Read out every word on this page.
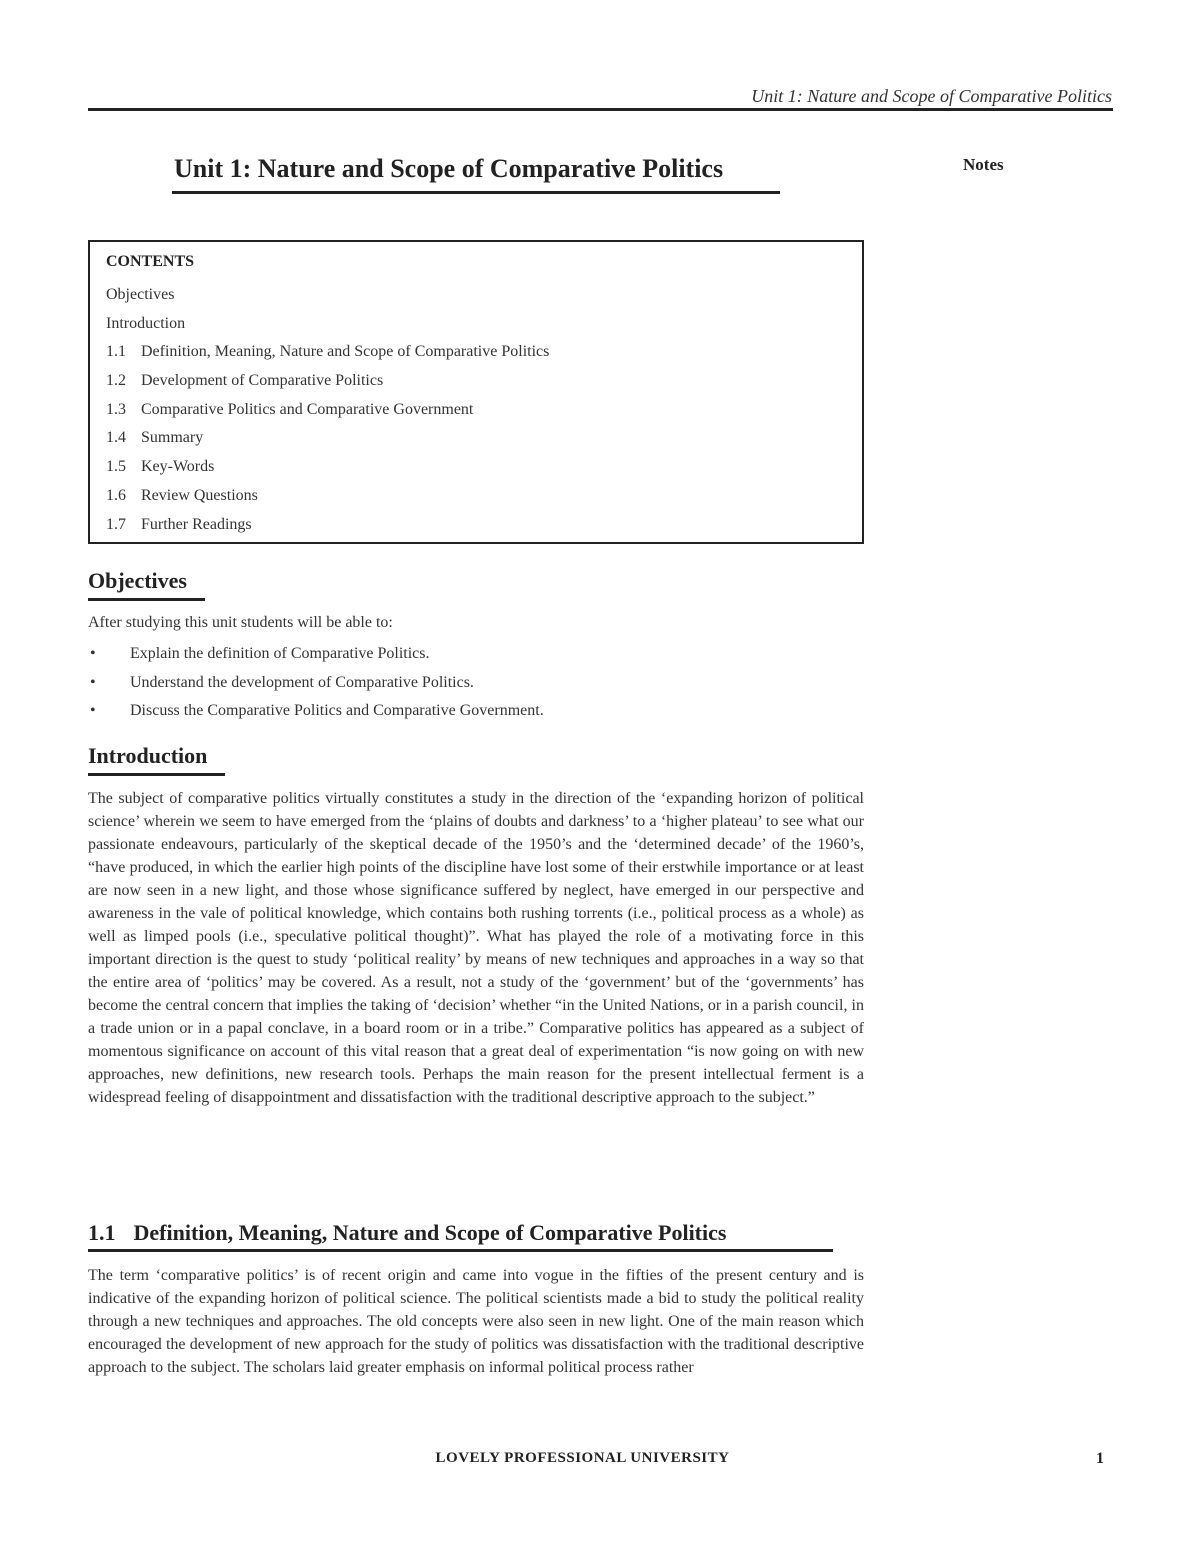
Unit 1: Nature and Scope of Comparative Politics
Unit 1: Nature and Scope of Comparative Politics	Notes
CONTENTS
Objectives
Introduction
1.1 Definition, Meaning, Nature and Scope of Comparative Politics
1.2 Development of Comparative Politics
1.3 Comparative Politics and Comparative Government
1.4 Summary
1.5 Key-Words
1.6 Review Questions
1.7 Further Readings
Objectives

After studying this unit students will be able to:

• Explain the definition of Comparative Politics.
• Understand the development of Comparative Politics.
• Discuss the Comparative Politics and Comparative Government.
Introduction

The subject of comparative politics virtually constitutes a study in the direction of the ‘expanding horizon of political science’ wherein we seem to have emerged from the ‘plains of doubts and darkness’ to a ‘higher plateau’ to see what our passionate endeavours, particularly of the skeptical decade of the 1950’s and the ‘determined decade’ of the 1960’s, “have produced, in which the earlier high points of the discipline have lost some of their erstwhile importance or at least are now seen in a new light, and those whose significance suffered by neglect, have emerged in our perspective and awareness in the vale of political knowledge, which contains both rushing torrents (i.e., political process as a whole) as well as limped pools (i.e., speculative political thought)”. What has played the role of a motivating force in this important direction is the quest to study ‘political reality’ by means of new techniques and approaches in a way so that the entire area of ‘politics’ may be covered. As a result, not a study of the ‘government’ but of the ‘governments’ has become the central concern that implies the taking of ‘decision’ whether “in the United Nations, or in a parish council, in a trade union or in a papal conclave, in a board room or in a tribe.” Comparative politics has appeared as a subject of momentous significance on account of this vital reason that a great deal of experimentation “is now going on with new approaches, new definitions, new research tools. Perhaps the main reason for the present intellectual ferment is a widespread feeling of disappointment and dissatisfaction with the traditional descriptive approach to the subject.”

1.1 Definition, Meaning, Nature and Scope of Comparative Politics

The term ‘comparative politics’ is of recent origin and came into vogue in the fifties of the present century and is indicative of the expanding horizon of political science. The political scientists made a bid to study the political reality through a new techniques and approaches. The old concepts were also seen in new light. One of the main reason which encouraged the development of new approach for the study of politics was dissatisfaction with the traditional descriptive approach to the subject. The scholars laid greater emphasis on informal political process rather

LOVELY PROFESSIONAL UNIVERSITY	1
